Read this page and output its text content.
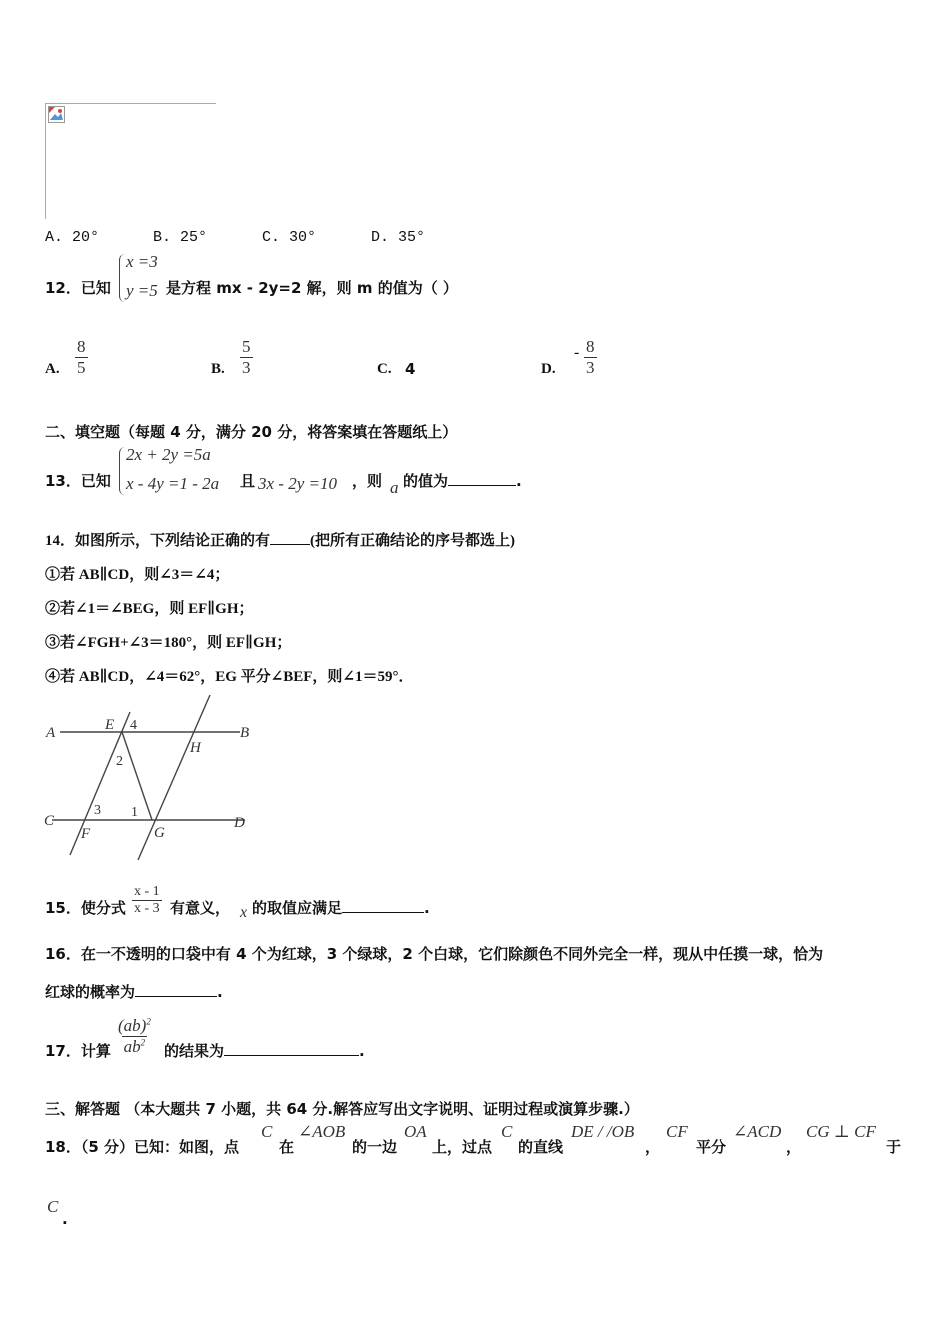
A. 20°	B. 25°	C. 30°	D. 35°
12．已知
x =3
y =5 是方程 mx - 2y=2 解，则 m 的值为（ ）
A. $\frac{8}{5}$	B. $\frac{5}{3}$	C. 4	D.
- $\frac{8}{3}$
二、填空题（每题 4 分，满分 20 分，将答案填在答题纸上）
13．已知
2x + 2y =5a
x - 4y =1 - 2a 且 3x - 2y =10 ，则 a 的值为	.
14．如图所示，下列结论正确的有	(把所有正确结论的序号都选上)
①若 AB∥CD，则∠3＝∠4；
②若∠1＝∠BEG，则 EF∥GH；
③若∠FGH+∠3＝180°，则 EF∥GH；
④若 AB∥CD，∠4＝62°，EG 平分∠BEF，则∠1＝59°．
A	B
C	D
E
F	G
H
4
2
3 1
15．使分式 $\frac{x - 1}{x - 3}$ 有意义， x 的取值应满足	.
16．在一不透明的口袋中有 4 个为红球，3 个绿球，2 个白球，它们除颜色不同外完全一样，现从中任摸一球，恰为
红球的概率为	.
17．计算 $\frac{(ab)^2}{ab^2}$ 的结果为	.
三、解答题 （本大题共 7 小题，共 64 分.解答应写出文字说明、证明过程或演算步骤.）
18．（5 分）已知：如图，点
C
在
∠AOB
的一边
OA
上，过点
C
的直线
DE / /OB
，
CF
平分
∠ACD
，
CG ⊥ CF
于
C
.
